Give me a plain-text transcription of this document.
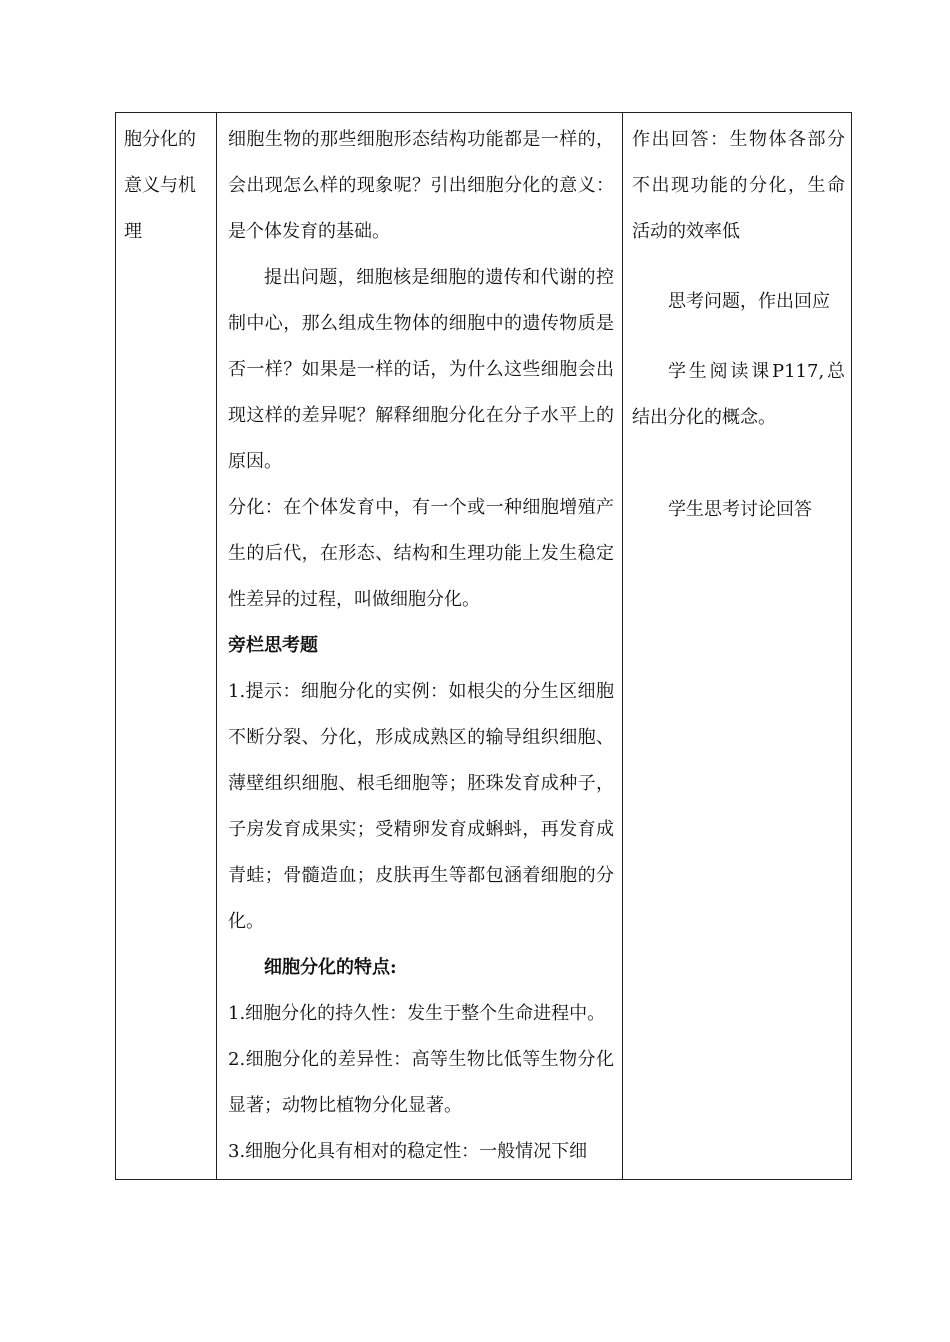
胞分化的

意义与机

理

细胞生物的那些细胞形态结构功能都是一样的，会出现怎么样的现象呢？引出细胞分化的意义：是个体发育的基础。

提出问题，细胞核是细胞的遗传和代谢的控制中心，那么组成生物体的细胞中的遗传物质是否一样？如果是一样的话，为什么这些细胞会出现这样的差异呢？解释细胞分化在分子水平上的原因。

分化：在个体发育中，有一个或一种细胞增殖产生的后代，在形态、结构和生理功能上发生稳定性差异的过程，叫做细胞分化。

旁栏思考题

1.提示：细胞分化的实例：如根尖的分生区细胞不断分裂、分化，形成成熟区的输导组织细胞、薄壁组织细胞、根毛细胞等；胚珠发育成种子，子房发育成果实；受精卵发育成蝌蚪，再发育成青蛙；骨髓造血；皮肤再生等都包涵着细胞的分化。

细胞分化的特点:

1.细胞分化的持久性：发生于整个生命进程中。

2.细胞分化的差异性：高等生物比低等生物分化显著；动物比植物分化显著。

3.细胞分化具有相对的稳定性：一般情况下细

作出回答：生物体各部分不出现功能的分化，生命活动的效率低

思考问题，作出回应

学生阅读课P117,总结出分化的概念。

学生思考讨论回答
